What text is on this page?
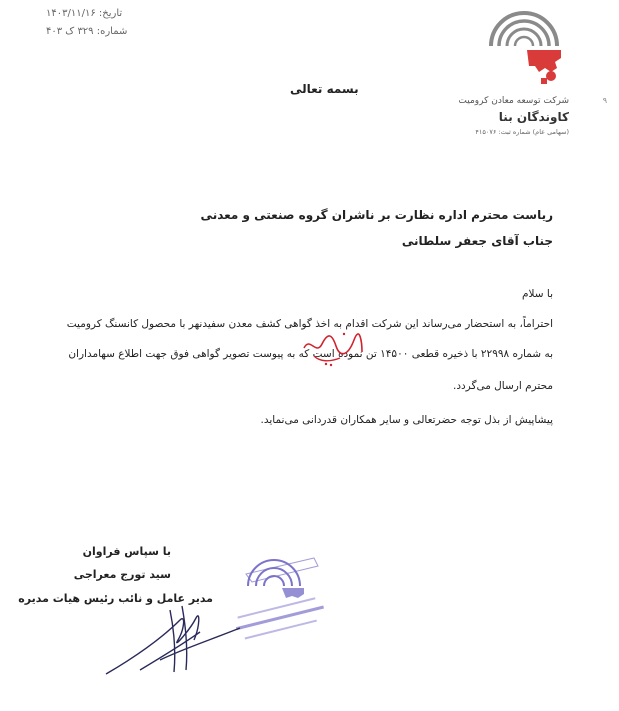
تاریخ: ۱۴۰۳/۱۱/۱۶
شماره: ۳۲۹ ک ۴۰۳
شرکت توسعه معادن کرومیت
کاوندگان بنا
(سهامی عام) شماره ثبت: ۴۱۵۰۷۶
۹
بسمه تعالی
ریاست محترم اداره نظارت بر ناشران گروه صنعتی و معدنی
جناب آقای جعفر سلطانی
با سلام
احتراماً، به استحضار می‌رساند این شرکت اقدام به اخذ گواهی کشف معدن سفیدنهر با محصول کانسنگ کرومیت
به شماره ۲۲۹۹۸ با ذخیره قطعی ۱۴۵۰۰ تن نموده است که به پیوست تصویر گواهی فوق جهت اطلاع سهامداران
محترم ارسال می‌گردد.
پیشاپیش از بذل توجه حضرتعالی و سایر همکاران قدردانی می‌نماید.
با سپاس فراوان
سید تورج معراجی
مدیر عامل و نائب رئیس هیات مدیره
